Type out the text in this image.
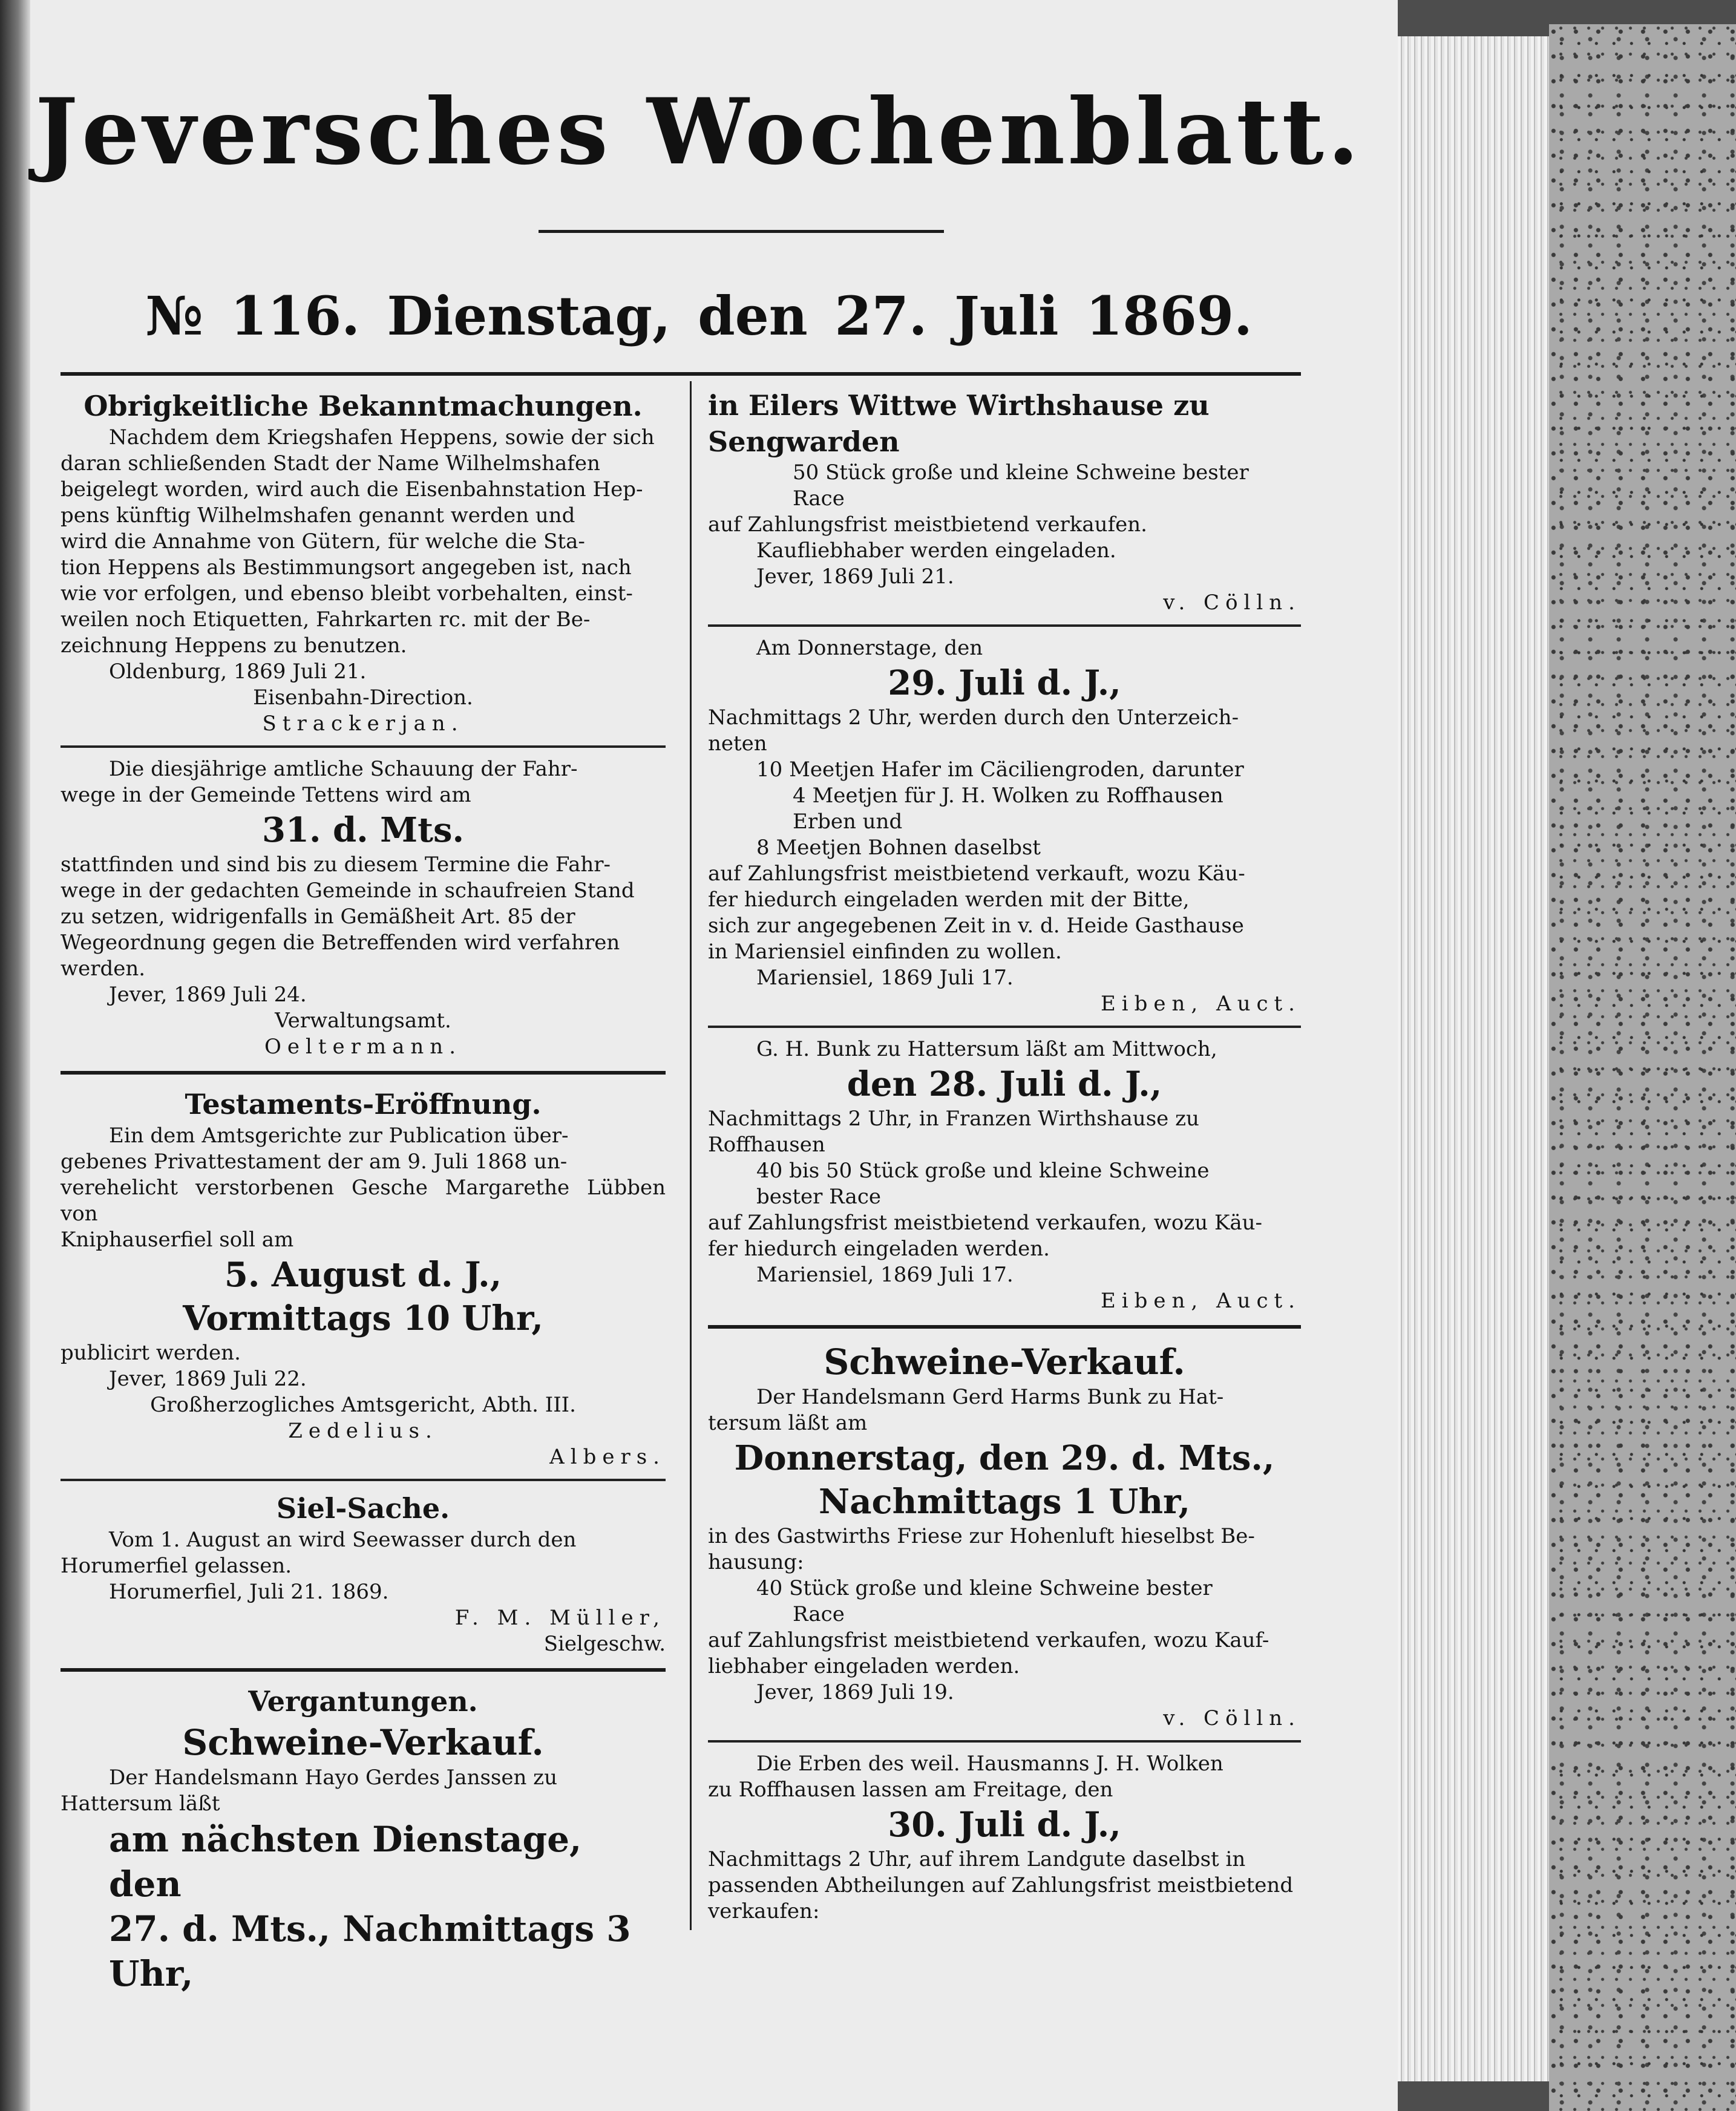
Jeversches Wochenblatt.
№ 116. Dienstag, den 27. Juli 1869.
Obrigkeitliche Bekanntmachungen.
Nachdem dem Kriegshafen Heppens, sowie der sich
daran schließenden Stadt der Name Wilhelmshafen
beigelegt worden, wird auch die Eisenbahnstation Hep-
pens künftig Wilhelmshafen genannt werden und
wird die Annahme von Gütern, für welche die Sta-
tion Heppens als Bestimmungsort angegeben ist, nach
wie vor erfolgen, und ebenso bleibt vorbehalten, einst-
weilen noch Etiquetten, Fahrkarten rc. mit der Be-
zeichnung Heppens zu benutzen.
Oldenburg, 1869 Juli 21.
Eisenbahn-Direction.
Strackerjan.
Die diesjährige amtliche Schauung der Fahr-
wege in der Gemeinde Tettens wird am
31. d. Mts.
stattfinden und sind bis zu diesem Termine die Fahr-
wege in der gedachten Gemeinde in schaufreien Stand
zu setzen, widrigenfalls in Gemäßheit Art. 85 der
Wegeordnung gegen die Betreffenden wird verfahren
werden.
Jever, 1869 Juli 24.
Verwaltungsamt.
Oeltermann.
Testaments-Eröffnung.
Ein dem Amtsgerichte zur Publication über-
gebenes Privattestament der am 9. Juli 1868 un-
verehelicht verstorbenen Gesche Margarethe Lübben von
Kniphauserfiel soll am
5. August d. J.,
Vormittags 10 Uhr,
publicirt werden.
Jever, 1869 Juli 22.
Großherzogliches Amtsgericht, Abth. III.
Zedelius.
Albers.
Siel-Sache.
Vom 1. August an wird Seewasser durch den
Horumerfiel gelassen.
Horumerfiel, Juli 21. 1869.
F. M. Müller,
Sielgeschw.
Vergantungen.
Schweine-Verkauf.
Der Handelsmann Hayo Gerdes Janssen zu
Hattersum läßt
am nächsten Dienstage, den
27. d. Mts., Nachmittags 3
Uhr,
in Eilers Wittwe Wirthshause zu
Sengwarden
50 Stück große und kleine Schweine bester
Race
auf Zahlungsfrist meistbietend verkaufen.
Kaufliebhaber werden eingeladen.
Jever, 1869 Juli 21.
v. Cölln.
Am Donnerstage, den
29. Juli d. J.,
Nachmittags 2 Uhr, werden durch den Unterzeich-
neten
10 Meetjen Hafer im Cäciliengroden, darunter
4 Meetjen für J. H. Wolken zu Roffhausen
Erben und
8 Meetjen Bohnen daselbst
auf Zahlungsfrist meistbietend verkauft, wozu Käu-
fer hiedurch eingeladen werden mit der Bitte,
sich zur angegebenen Zeit in v. d. Heide Gasthause
in Mariensiel einfinden zu wollen.
Mariensiel, 1869 Juli 17.
Eiben, Auct.
G. H. Bunk zu Hattersum läßt am Mittwoch,
den 28. Juli d. J.,
Nachmittags 2 Uhr, in Franzen Wirthshause zu
Roffhausen
40 bis 50 Stück große und kleine Schweine
bester Race
auf Zahlungsfrist meistbietend verkaufen, wozu Käu-
fer hiedurch eingeladen werden.
Mariensiel, 1869 Juli 17.
Eiben, Auct.
Schweine-Verkauf.
Der Handelsmann Gerd Harms Bunk zu Hat-
tersum läßt am
Donnerstag, den 29. d. Mts.,
Nachmittags 1 Uhr,
in des Gastwirths Friese zur Hohenluft hieselbst Be-
hausung:
40 Stück große und kleine Schweine bester
Race
auf Zahlungsfrist meistbietend verkaufen, wozu Kauf-
liebhaber eingeladen werden.
Jever, 1869 Juli 19.
v. Cölln.
Die Erben des weil. Hausmanns J. H. Wolken
zu Roffhausen lassen am Freitage, den
30. Juli d. J.,
Nachmittags 2 Uhr, auf ihrem Landgute daselbst in
passenden Abtheilungen auf Zahlungsfrist meistbietend
verkaufen:
